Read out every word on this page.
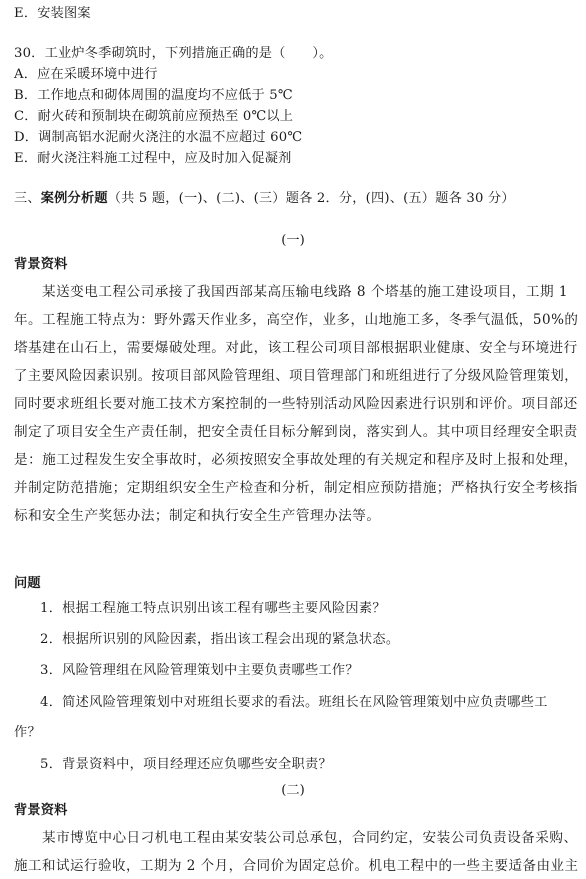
E．安装图案
30．工业炉冬季砌筑时，下列措施正确的是（　　）。
A．应在采暖环境中进行
B．工作地点和砌体周围的温度均不应低于 5℃
C．耐火砖和预制块在砌筑前应预热至 0℃以上
D．调制高铝水泥耐火浇注的水温不应超过 60℃
E．耐火浇注料施工过程中，应及时加入促凝剂
三、案例分析题（共 5 题，(一)、(二)、(三）题各 2．分，(四)、(五）题各 30 分）
(一)
背景资料
某送变电工程公司承接了我国西部某高压输电线路 8 个塔基的施工建设项目，工期 1
年。工程施工特点为：野外露天作业多，高空作，业多，山地施工多，冬季气温低，50%的
塔基建在山石上，需要爆破处理。对此，该工程公司项目部根据职业健康、安全与环境进行
了主要风险因素识别。按项目部风险管理组、项目管理部门和班组进行了分级风险管理策划，
同时要求班组长要对施工技术方案控制的一些特别活动风险因素进行识别和评价。项目部还
制定了项目安全生产责任制，把安全责任目标分解到岗，落实到人。其中项目经理安全职责
是：施工过程发生安全事故时，必须按照安全事故处理的有关规定和程序及时上报和处理，
并制定防范措施；定期组织安全生产检查和分析，制定相应预防措施；严格执行安全考核指
标和安全生产奖惩办法；制定和执行安全生产管理办法等。
问题
1．根据工程施工特点识别出该工程有哪些主要风险因素？
2．根据所识别的风险因素，指出该工程会出现的紧急状态。
3．风险管理组在风险管理策划中主要负责哪些工作？
4．简述风险管理策划中对班组长要求的看法。班组长在风险管理策划中应负责哪些工
作？
5．背景资料中，项目经理还应负哪些安全职责？
(二)
背景资料
某市博览中心日刁机电工程由某安装公司总承包，合同约定，安装公司负责设备采购、
施工和试运行验收，工期为 2 个月，合同价为固定总价。机电工程中的一些主要适备由业主
